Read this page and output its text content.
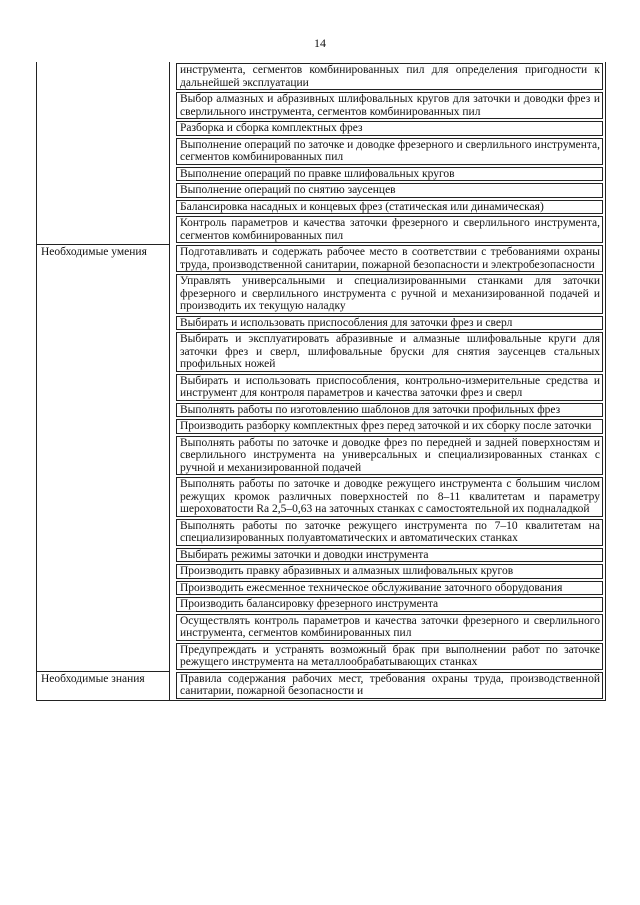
14
инструмента, сегментов комбинированных пил для определения пригодности к дальнейшей эксплуатации
Выбор алмазных и абразивных шлифовальных кругов для заточки и доводки фрез и сверлильного инструмента, сегментов комбинированных пил
Разборка и сборка комплектных фрез
Выполнение операций по заточке и доводке фрезерного и сверлильного инструмента, сегментов комбинированных пил
Выполнение операций по правке шлифовальных кругов
Выполнение операций по снятию заусенцев
Балансировка насадных и концевых фрез (статическая или динамическая)
Контроль параметров и качества заточки фрезерного и сверлильного инструмента, сегментов комбинированных пил
Необходимые умения	Подготавливать и содержать рабочее место в соответствии с требованиями охраны труда, производственной санитарии, пожарной безопасности и электробезопасности
Управлять универсальными и специализированными станками для заточки фрезерного и сверлильного инструмента с ручной и механизированной подачей и производить их текущую наладку
Выбирать и использовать приспособления для заточки фрез и сверл
Выбирать и эксплуатировать абразивные и алмазные шлифовальные круги для заточки фрез и сверл, шлифовальные бруски для снятия заусенцев стальных профильных ножей
Выбирать и использовать приспособления, контрольно-измерительные средства и инструмент для контроля параметров и качества заточки фрез и сверл
Выполнять работы по изготовлению шаблонов для заточки профильных фрез
Производить разборку комплектных фрез перед заточкой и их сборку после заточки
Выполнять работы по заточке и доводке фрез по передней и задней поверхностям и сверлильного инструмента на универсальных и специализированных станках с ручной и механизированной подачей
Выполнять работы по заточке и доводке режущего инструмента с большим числом режущих кромок различных поверхностей по 8–11 квалитетам и параметру шероховатости Ra 2,5–0,63 на заточных станках с самостоятельной их подналадкой
Выполнять работы по заточке режущего инструмента по 7–10 квалитетам на специализированных полуавтоматических и автоматических станках
Выбирать режимы заточки и доводки инструмента
Производить правку абразивных и алмазных шлифовальных кругов
Производить ежесменное техническое обслуживание заточного оборудования
Производить балансировку фрезерного инструмента
Осуществлять контроль параметров и качества заточки фрезерного и сверлильного инструмента, сегментов комбинированных пил
Предупреждать и устранять возможный брак при выполнении работ по заточке режущего инструмента на металлообрабатывающих станках
Необходимые знания	Правила содержания рабочих мест, требования охраны труда, производственной санитарии, пожарной безопасности и
